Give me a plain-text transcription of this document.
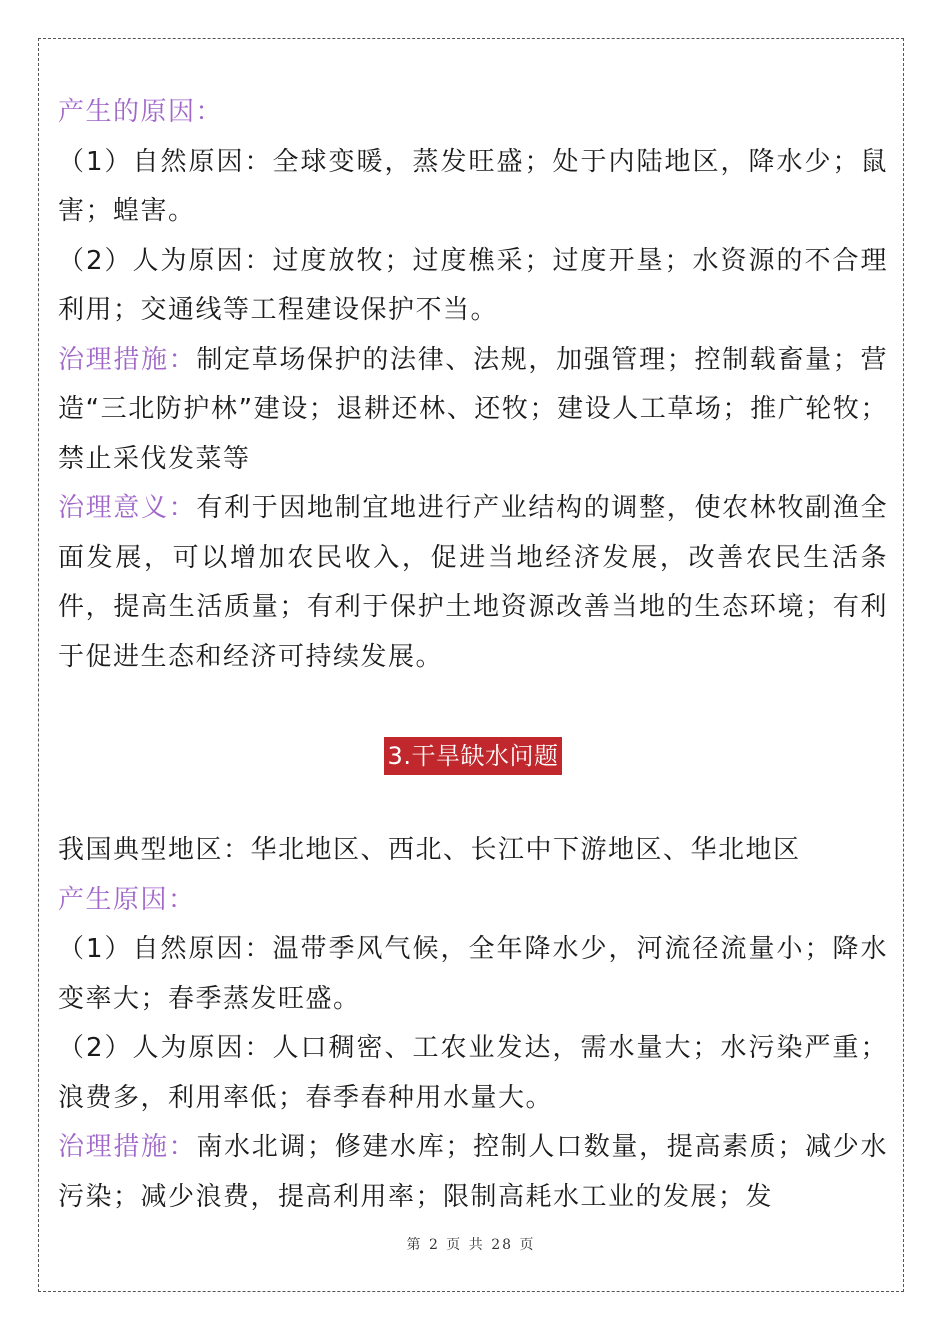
产生的原因：

（1）自然原因：全球变暖，蒸发旺盛；处于内陆地区，降水少；鼠害；蝗害。

（2）人为原因：过度放牧；过度樵采；过度开垦；水资源的不合理利用；交通线等工程建设保护不当。

治理措施：制定草场保护的法律、法规，加强管理；控制载畜量；营造“三北防护林”建设；退耕还林、还牧；建设人工草场；推广轮牧；禁止采伐发菜等

治理意义：有利于因地制宜地进行产业结构的调整，使农林牧副渔全面发展，可以增加农民收入，促进当地经济发展，改善农民生活条件，提高生活质量；有利于保护土地资源改善当地的生态环境；有利于促进生态和经济可持续发展。

3.干旱缺水问题

我国典型地区：华北地区、西北、长江中下游地区、华北地区

产生原因：

（1）自然原因：温带季风气候，全年降水少，河流径流量小；降水变率大；春季蒸发旺盛。

（2）人为原因：人口稠密、工农业发达，需水量大；水污染严重；浪费多，利用率低；春季春种用水量大。

治理措施：南水北调；修建水库；控制人口数量，提高素质；减少水污染；减少浪费，提高利用率；限制高耗水工业的发展；发

第 2 页 共 28 页
